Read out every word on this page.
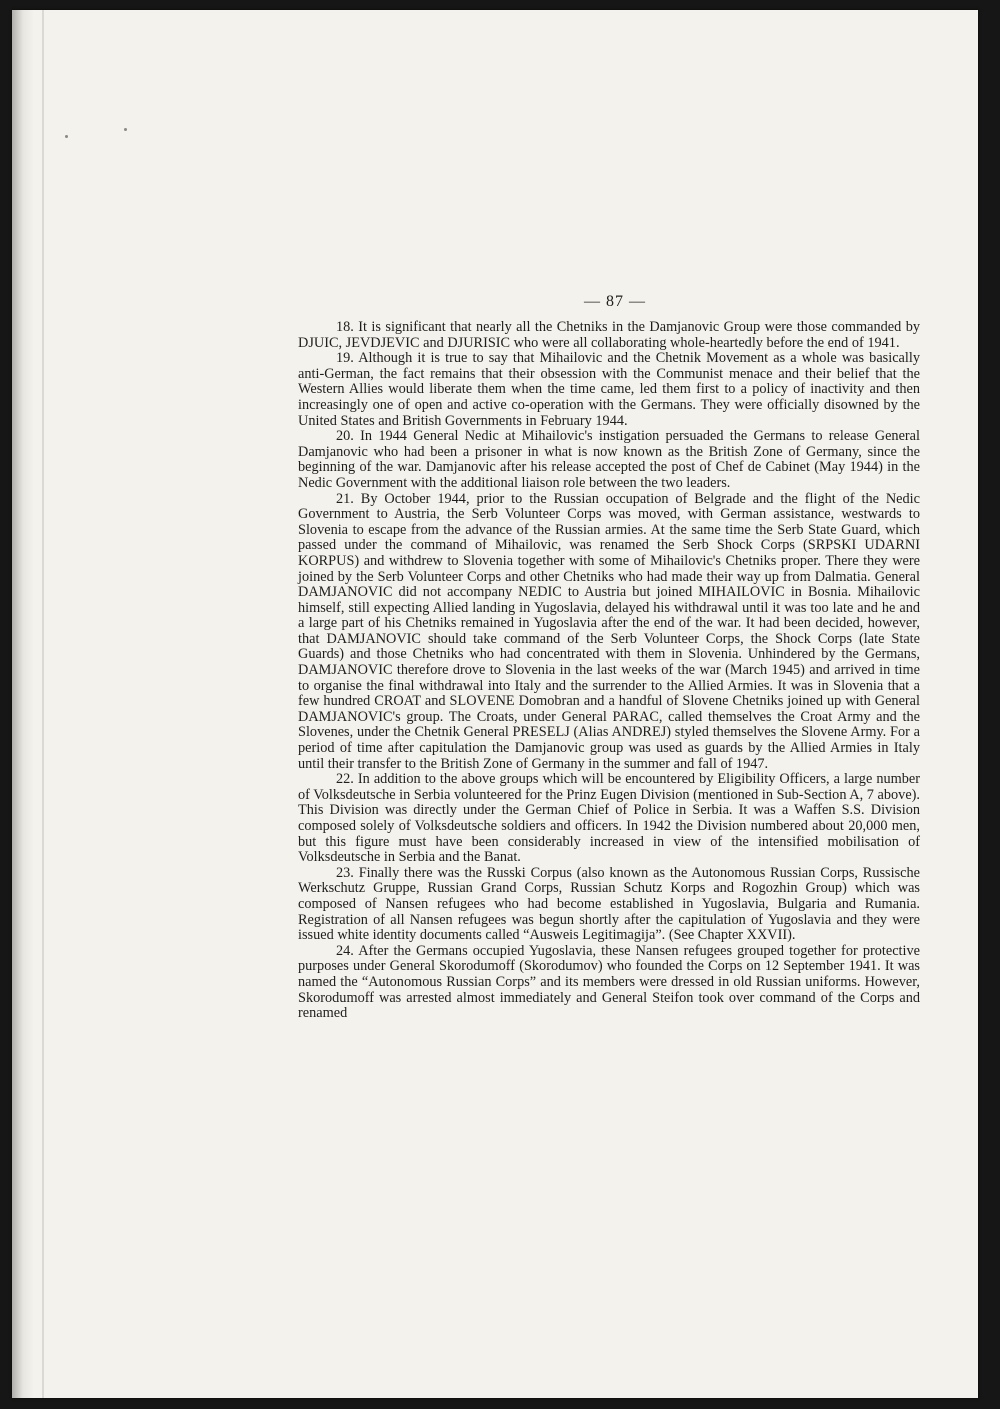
— 87 —

18. It is significant that nearly all the Chetniks in the Damjanovic Group were those commanded by DJUIC, JEVDJEVIC and DJURISIC who were all collaborating whole-heartedly before the end of 1941.

19. Although it is true to say that Mihailovic and the Chetnik Movement as a whole was basically anti-German, the fact remains that their obsession with the Communist menace and their belief that the Western Allies would liberate them when the time came, led them first to a policy of inactivity and then increasingly one of open and active co-operation with the Germans. They were officially disowned by the United States and British Governments in February 1944.

20. In 1944 General Nedic at Mihailovic's instigation persuaded the Germans to release General Damjanovic who had been a prisoner in what is now known as the British Zone of Germany, since the beginning of the war. Damjanovic after his release accepted the post of Chef de Cabinet (May 1944) in the Nedic Government with the additional liaison role between the two leaders.

21. By October 1944, prior to the Russian occupation of Belgrade and the flight of the Nedic Government to Austria, the Serb Volunteer Corps was moved, with German assistance, westwards to Slovenia to escape from the advance of the Russian armies. At the same time the Serb State Guard, which passed under the command of Mihailovic, was renamed the Serb Shock Corps (SRPSKI UDARNI KORPUS) and withdrew to Slovenia together with some of Mihailovic's Chetniks proper. There they were joined by the Serb Volunteer Corps and other Chetniks who had made their way up from Dalmatia. General DAMJANOVIC did not accompany NEDIC to Austria but joined MIHAILOVIC in Bosnia. Mihailovic himself, still expecting Allied landing in Yugoslavia, delayed his withdrawal until it was too late and he and a large part of his Chetniks remained in Yugoslavia after the end of the war. It had been decided, however, that DAMJANOVIC should take command of the Serb Volunteer Corps, the Shock Corps (late State Guards) and those Chetniks who had concentrated with them in Slovenia. Unhindered by the Germans, DAMJANOVIC therefore drove to Slovenia in the last weeks of the war (March 1945) and arrived in time to organise the final withdrawal into Italy and the surrender to the Allied Armies. It was in Slovenia that a few hundred CROAT and SLOVENE Domobran and a handful of Slovene Chetniks joined up with General DAMJANOVIC's group. The Croats, under General PARAC, called themselves the Croat Army and the Slovenes, under the Chetnik General PRESELJ (Alias ANDREJ) styled themselves the Slovene Army. For a period of time after capitulation the Damjanovic group was used as guards by the Allied Armies in Italy until their transfer to the British Zone of Germany in the summer and fall of 1947.

22. In addition to the above groups which will be encountered by Eligibility Officers, a large number of Volksdeutsche in Serbia volunteered for the Prinz Eugen Division (mentioned in Sub-Section A, 7 above). This Division was directly under the German Chief of Police in Serbia. It was a Waffen S.S. Division composed solely of Volksdeutsche soldiers and officers. In 1942 the Division numbered about 20,000 men, but this figure must have been considerably increased in view of the intensified mobilisation of Volksdeutsche in Serbia and the Banat.

23. Finally there was the Russki Corpus (also known as the Autonomous Russian Corps, Russische Werkschutz Gruppe, Russian Grand Corps, Russian Schutz Korps and Rogozhin Group) which was composed of Nansen refugees who had become established in Yugoslavia, Bulgaria and Rumania. Registration of all Nansen refugees was begun shortly after the capitulation of Yugoslavia and they were issued white identity documents called “Ausweis Legitimagija”. (See Chapter XXVII).

24. After the Germans occupied Yugoslavia, these Nansen refugees grouped together for protective purposes under General Skorodumoff (Skorodumov) who founded the Corps on 12 September 1941. It was named the “Autonomous Russian Corps” and its members were dressed in old Russian uniforms. However, Skorodumoff was arrested almost immediately and General Steifon took over command of the Corps and renamed
